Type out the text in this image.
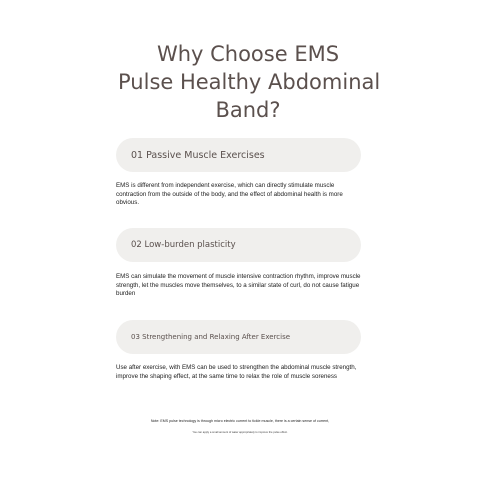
Why Choose EMS
Pulse Healthy Abdominal
Band?
01 Passive Muscle Exercises
EMS is different from independent exercise, which can directly stimulate muscle contraction from the outside of the body, and the effect of abdominal health is more obvious.
02 Low-burden plasticity
EMS can simulate the movement of muscle intensive contraction rhythm, improve muscle strength, let the muscles move themselves, to a similar state of curl, do not cause fatigue burden
03 Strengthening and Relaxing After Exercise
Use after exercise, with EMS can be used to strengthen the abdominal muscle strength, improve the shaping effect, at the same time to relax the role of muscle soreness
Note: EMS pulse technology is through micro electric current to tickle muscle, there is a certain sense of current,
You can apply a small amount of water appropriately to improve the pulse effect.
